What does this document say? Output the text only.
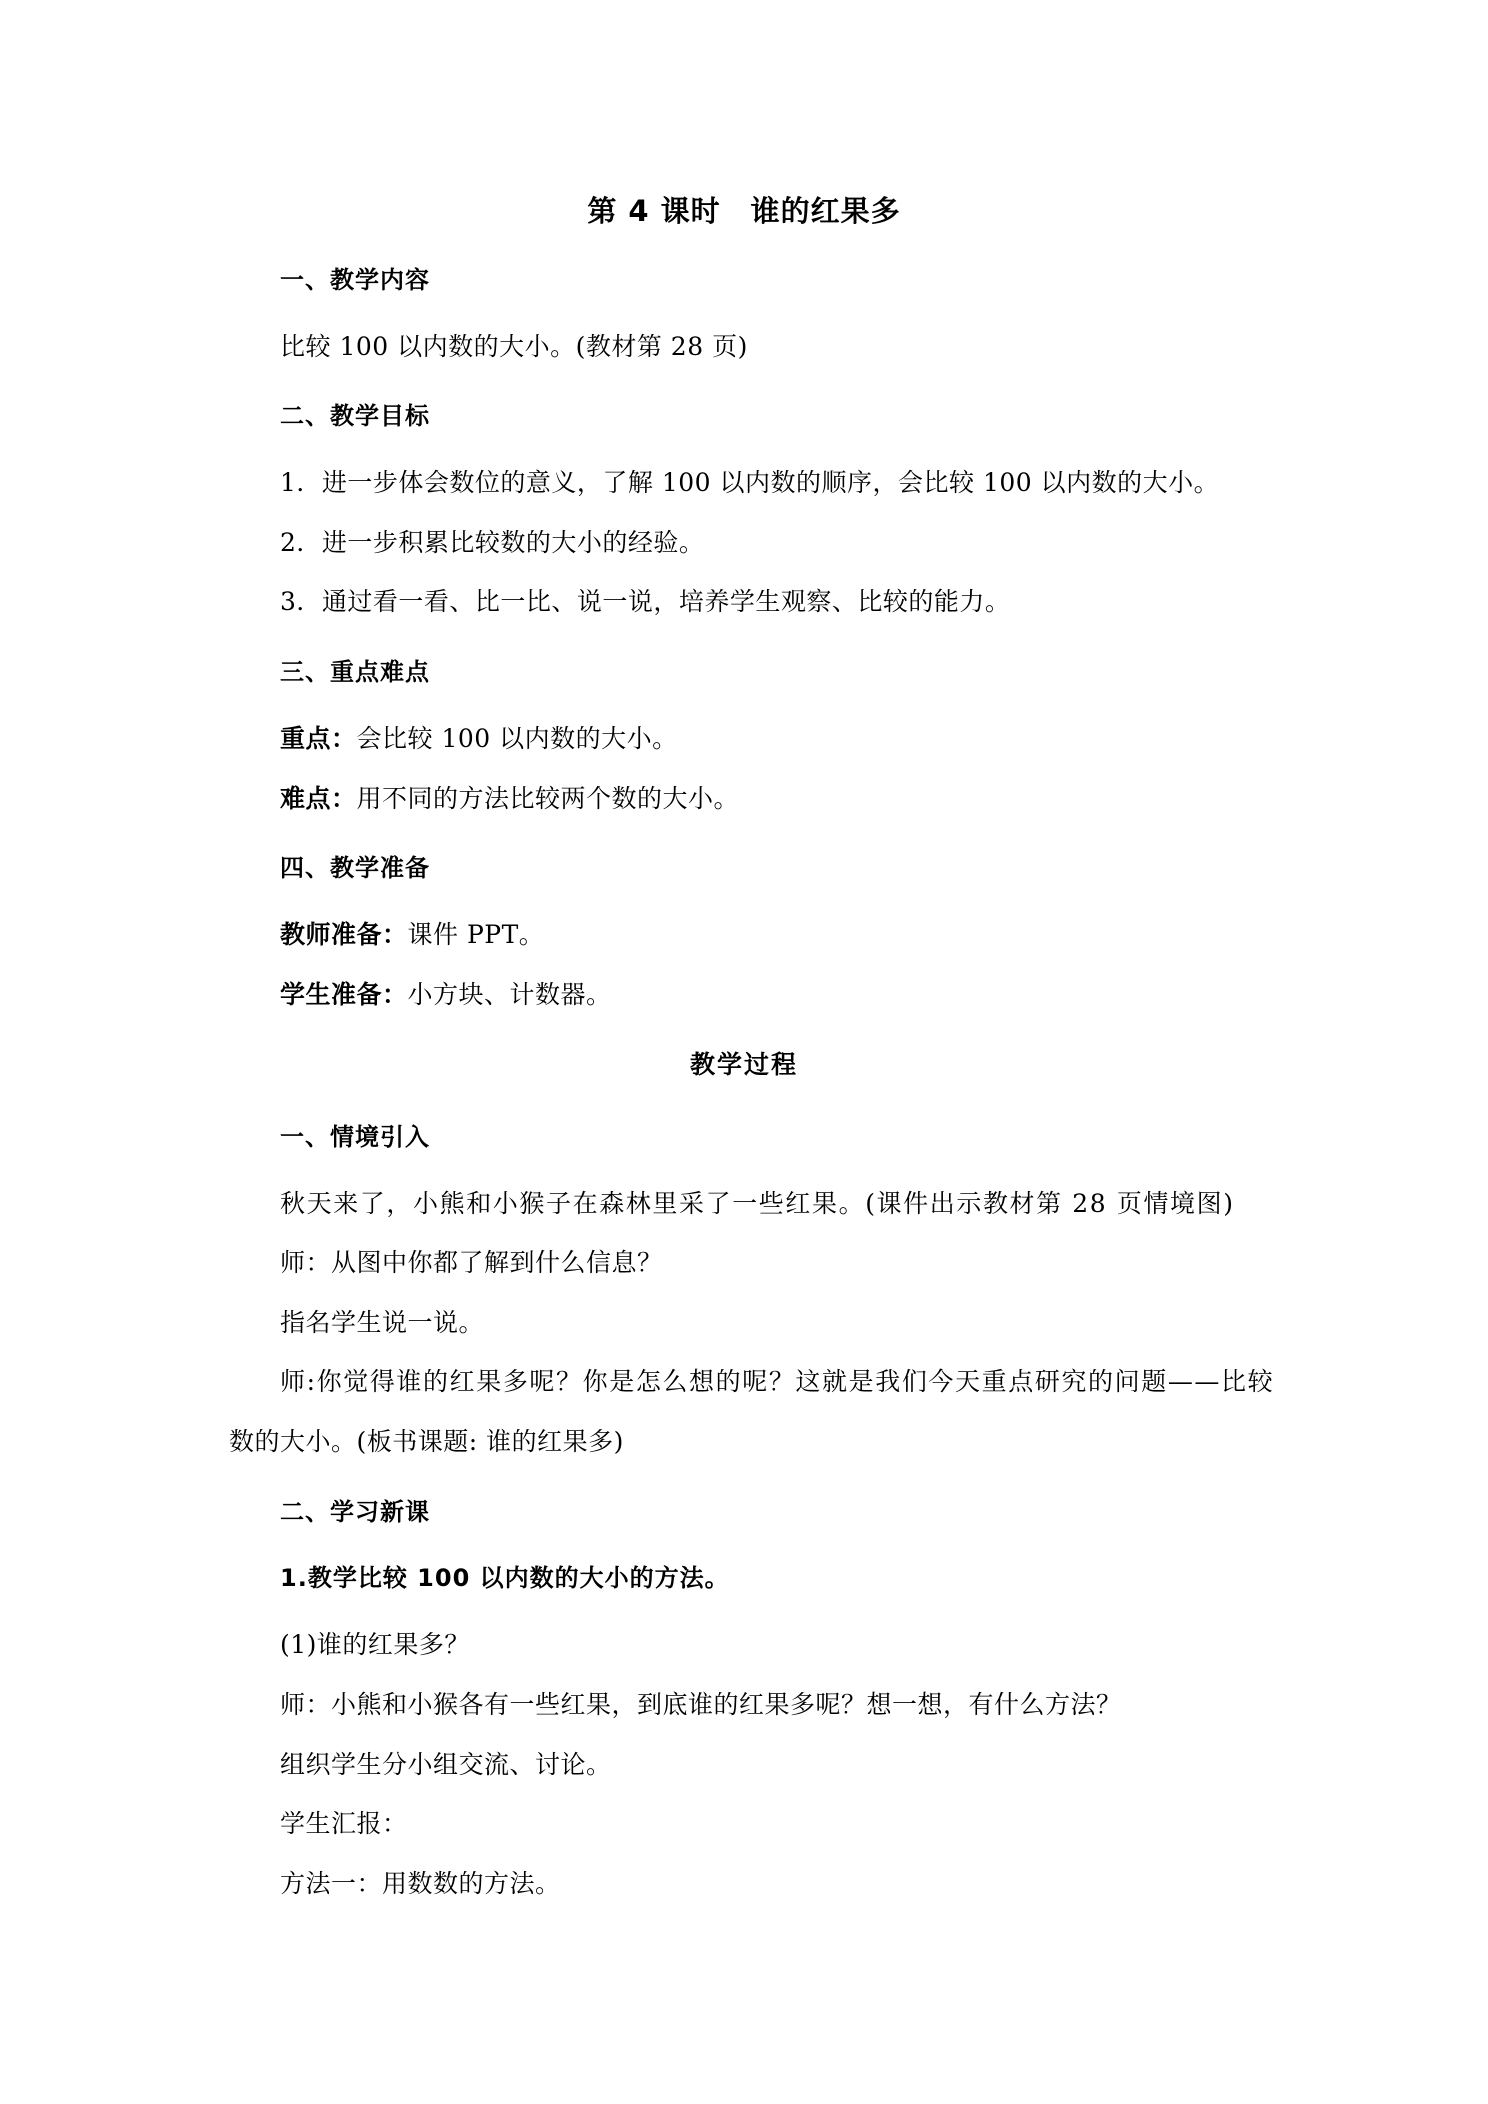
第 4 课时　谁的红果多
一、教学内容
比较 100 以内数的大小。(教材第 28 页)
二、教学目标
1．进一步体会数位的意义，了解 100 以内数的顺序，会比较 100 以内数的大小。
2．进一步积累比较数的大小的经验。
3．通过看一看、比一比、说一说，培养学生观察、比较的能力。
三、重点难点
重点：会比较 100 以内数的大小。
难点：用不同的方法比较两个数的大小。
四、教学准备
教师准备：课件 PPT。
学生准备：小方块、计数器。
教学过程
一、情境引入
秋天来了，小熊和小猴子在森林里采了一些红果。(课件出示教材第 28 页情境图)
师：从图中你都了解到什么信息？
指名学生说一说。
师:你觉得谁的红果多呢？你是怎么想的呢？这就是我们今天重点研究的问题——比较
数的大小。(板书课题: 谁的红果多)
二、学习新课
1.教学比较 100 以内数的大小的方法。
(1)谁的红果多？
师：小熊和小猴各有一些红果，到底谁的红果多呢？想一想，有什么方法？
组织学生分小组交流、讨论。
学生汇报：
方法一：用数数的方法。
